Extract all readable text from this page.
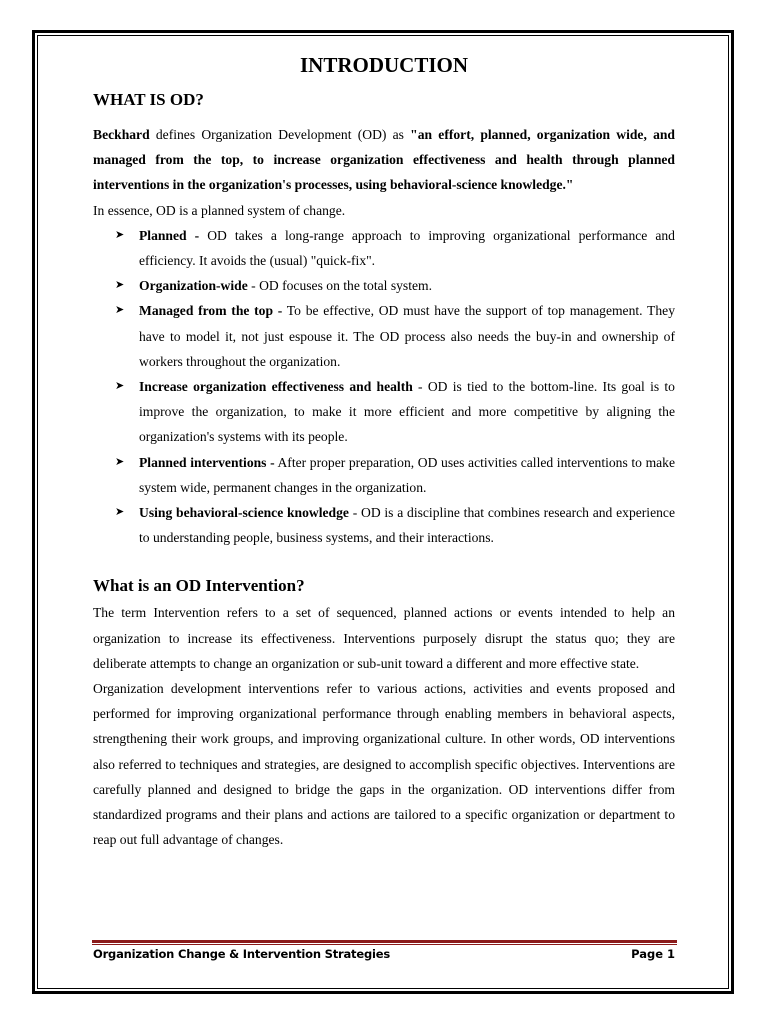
INTRODUCTION
WHAT IS OD?

Beckhard defines Organization Development (OD) as "an effort, planned, organization wide, and managed from the top, to increase organization effectiveness and health through planned interventions in the organization's processes, using behavioral-science knowledge."

In essence, OD is a planned system of change.

➤ Planned - OD takes a long-range approach to improving organizational performance and efficiency. It avoids the (usual) "quick-fix".
➤ Organization-wide - OD focuses on the total system.
➤ Managed from the top - To be effective, OD must have the support of top management. They have to model it, not just espouse it. The OD process also needs the buy-in and ownership of workers throughout the organization.
➤ Increase organization effectiveness and health - OD is tied to the bottom-line. Its goal is to improve the organization, to make it more efficient and more competitive by aligning the organization's systems with its people.
➤ Planned interventions - After proper preparation, OD uses activities called interventions to make system wide, permanent changes in the organization.
➤ Using behavioral-science knowledge - OD is a discipline that combines research and experience to understanding people, business systems, and their interactions.
What is an OD Intervention?

The term Intervention refers to a set of sequenced, planned actions or events intended to help an organization to increase its effectiveness. Interventions purposely disrupt the status quo; they are deliberate attempts to change an organization or sub-unit toward a different and more effective state.

Organization development interventions refer to various actions, activities and events proposed and performed for improving organizational performance through enabling members in behavioral aspects, strengthening their work groups, and improving organizational culture. In other words, OD interventions also referred to techniques and strategies, are designed to accomplish specific objectives. Interventions are carefully planned and designed to bridge the gaps in the organization. OD interventions differ from standardized programs and their plans and actions are tailored to a specific organization or department to reap out full advantage of changes.

Organization Change & Intervention Strategies	Page 1
